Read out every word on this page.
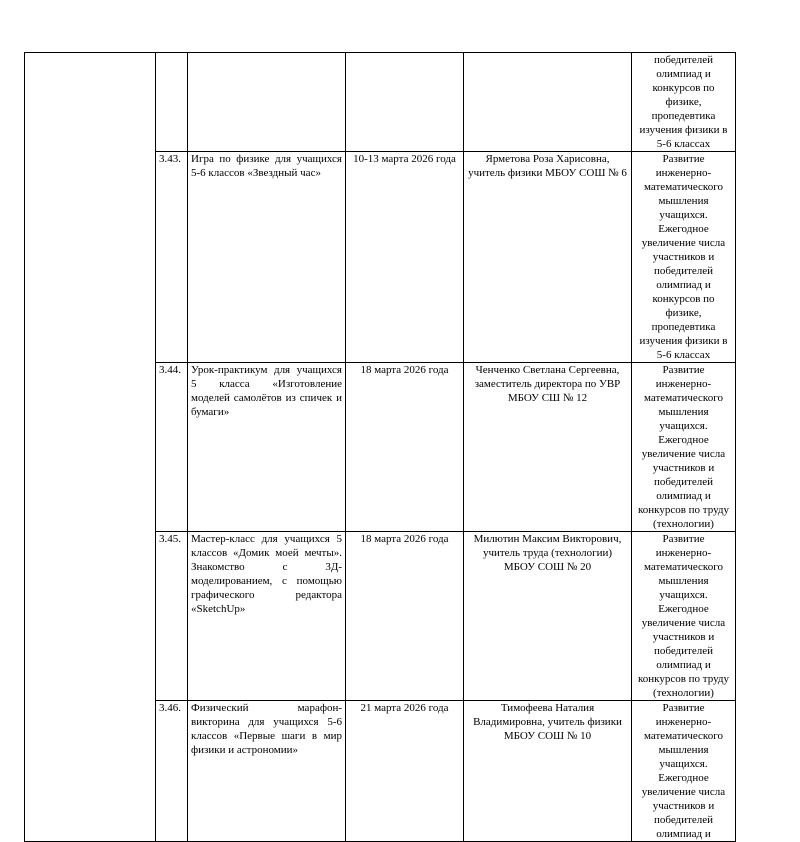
					победителей олимпиад и конкурсов по физике, пропедевтика изучения физики в 5-6 классах
	3.43.	Игра по физике для учащихся 5-6 классов «Звездный час»	10-13 марта 2026 года	Ярметова Роза Харисовна, учитель физики МБОУ СОШ № 6	Развитие инженерно-математического мышления учащихся. Ежегодное увеличение числа участников и победителей олимпиад и конкурсов по физике, пропедевтика изучения физики в 5-6 классах
	3.44.	Урок-практикум для учащихся 5 класса «Изготовление моделей самолётов из спичек и бумаги»	18 марта 2026 года	Ченченко Светлана Сергеевна, заместитель директора по УВР МБОУ СШ № 12	Развитие инженерно-математического мышления учащихся. Ежегодное увеличение числа участников и победителей олимпиад и конкурсов по труду (технологии)
	3.45.	Мастер-класс для учащихся 5 классов «Домик моей мечты». Знакомство с 3Д-моделированием, с помощью графического редактора «SketchUp»	18 марта 2026 года	Милютин Максим Викторович, учитель труда (технологии) МБОУ СОШ № 20	Развитие инженерно-математического мышления учащихся. Ежегодное увеличение числа участников и победителей олимпиад и конкурсов по труду (технологии)
	3.46.	Физический марафон-викторина для учащихся 5-6 классов «Первые шаги в мир физики и астрономии»	21 марта 2026 года	Тимофеева Наталия Владимировна, учитель физики МБОУ СОШ № 10	Развитие инженерно-математического мышления учащихся. Ежегодное увеличение числа участников и победителей олимпиад и
